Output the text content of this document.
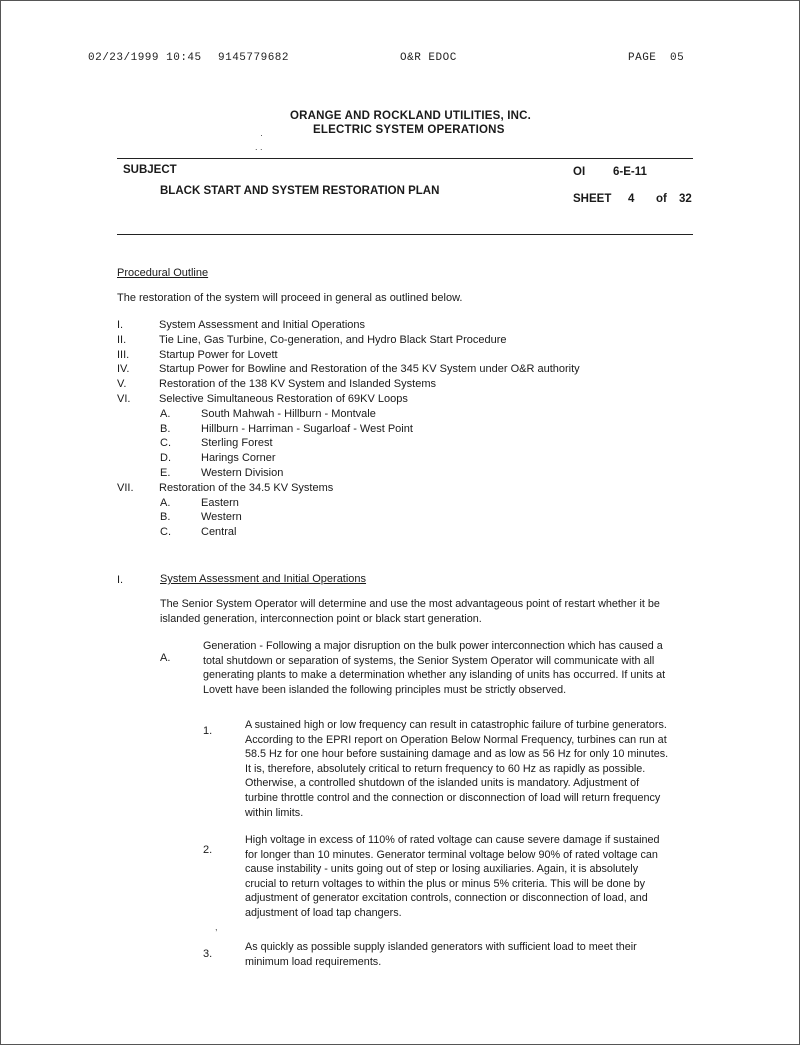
02/23/1999 10:45 9145779682	O&R EDOC	PAGE 05
ORANGE AND ROCKLAND UTILITIES, INC.
ELECTRIC SYSTEM OPERATIONS
·
. .
SUBJECT	OI 6-E-11
BLACK START AND SYSTEM RESTORATION PLAN
SHEET 4 of 32
Procedural Outline
The restoration of the system will proceed in general as outlined below.
I.	System Assessment and Initial Operations
II.	Tie Line, Gas Turbine, Co-generation, and Hydro Black Start Procedure
III.	Startup Power for Lovett
IV.	Startup Power for Bowline and Restoration of the 345 KV System under O&R authority
V.	Restoration of the 138 KV System and Islanded Systems
VI.	Selective Simultaneous Restoration of 69KV Loops
A.	South Mahwah - Hillburn - Montvale
B.	Hillburn - Harriman - Sugarloaf - West Point
C.	Sterling Forest
D.	Harings Corner
E.	Western Division
VII. Restoration of the 34.5 KV Systems
A.	Eastern
B.	Western
C.	Central
I.	System Assessment and Initial Operations
The Senior System Operator will determine and use the most advantageous point of restart whether it be
islanded generation, interconnection point or black start generation.
A.
Generation - Following a major disruption on the bulk power interconnection which has caused a
total shutdown or separation of systems, the Senior System Operator will communicate with all
generating plants to make a determination whether any islanding of units has occurred. If units at
Lovett have been islanded the following principles must be strictly observed.
1.	A sustained high or low frequency can result in catastrophic failure of turbine generators.
According to the EPRI report on Operation Below Normal Frequency, turbines can run at
58.5 Hz for one hour before sustaining damage and as low as 56 Hz for only 10 minutes.
It is, therefore, absolutely critical to return frequency to 60 Hz as rapidly as possible.
Otherwise, a controlled shutdown of the islanded units is mandatory. Adjustment of
turbine throttle control and the connection or disconnection of load will return frequency
within limits.
2.
High voltage in excess of 110% of rated voltage can cause severe damage if sustained
for longer than 10 minutes. Generator terminal voltage below 90% of rated voltage can
cause instability - units going out of step or losing auxiliaries. Again, it is absolutely
crucial to return voltages to within the plus or minus 5% criteria. This will be done by
adjustment of generator excitation controls, connection or disconnection of load, and
adjustment of load tap changers.
,
3.
As quickly as possible supply islanded generators with sufficient load to meet their
minimum load requirements.
